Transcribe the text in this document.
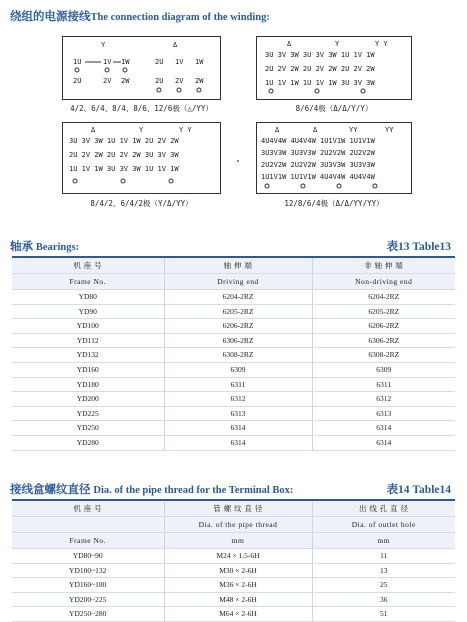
绕组的电源接线The connection diagram of the winding:
Y	Δ
1U	1V 1W
2U	2V 2W
2U 1V 1W
2U 2V 2W
4/2、6/4、8/4、8/6、12/6极（△/YY）
Δ	Y	Y Y
3U 3V 3W 3U 3V 3W 1U 1V 1W
2U 2V 2W 2U 2V 2W 2U 2V 2W
1U 1V 1W 1U 1V 1W 3U 3V 3W
8/6/4极（Δ/Δ/Y/Y）
Δ	Y	Y Y
3U 3V 3W 1U 1V 1W 2U 2V 2W
2U 2V 2W 2U 2V 2W 3U 3V 3W
1U 1V 1W 3U 3V 3W 1U 1V 1W
8/4/2、6/4/2极（Y/Δ/YY）
Δ	Δ	YY	YY
4U4V4W 4U4V4W 1U1V1W 1U1V1W
3U3V3W 3U3V3W 2U2V2W 2U2V2W
2U2V2W 2U2V2W 3U3V3W 3U3V3W
1U1V1W 1U1V1W 4U4V4W 4U4V4W
12/8/6/4极（Δ/Δ/YY/YY）
轴承 Bearings:	表13 Table13
机 座 号	轴 伸 端	非 轴 伸 端
Frame No.	Driving end	Non-driving end
YD80	6204-2RZ	6204-2RZ
YD90	6205-2RZ	6205-2RZ
YD100	6206-2RZ	6206-2RZ
YD112	6306-2RZ	6306-2RZ
YD132	6308-2RZ	6308-2RZ
YD160	6309	6309
YD180	6311	6311
YD200	6312	6312
YD225	6313	6313
YD250	6314	6314
YD280	6314	6314
接线盒螺纹直径 Dia. of the pipe thread for the Terminal Box:	表14 Table14
机 座 号	管 螺 纹 直 径	出 线 孔 直 径
	Dia. of the pipe thread	Dia. of outlet hole
Frame No.	mm	mm
YD80~90	M24 × 1.5-6H	11
YD100~132	M30 × 2-6H	13
YD160~180	M36 × 2-6H	25
YD200~225	M48 × 2-6H	36
YD250~280	M64 × 2-6H	51
